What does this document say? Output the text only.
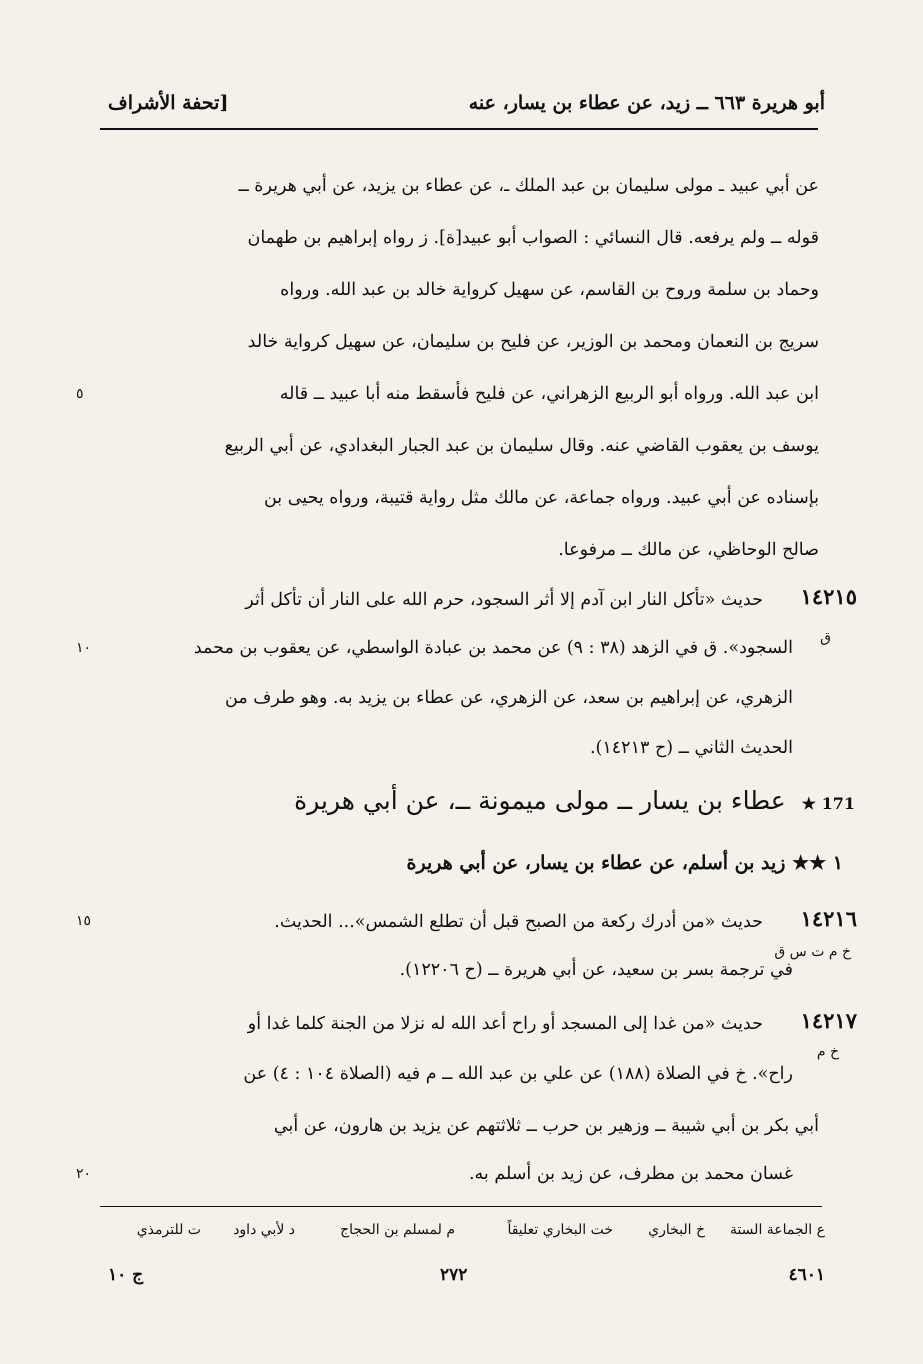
أبو هريرة ٦٦٣ ــ زيد، عن عطاء بن يسار، عنه
[تحفة الأشراف
عن أبي عبيد ـ مولى سليمان بن عبد الملك ـ، عن عطاء بن يزيد، عن أبي هريرة ــ
قوله ــ ولم يرفعه. قال النسائي : الصواب أبو عبيد[ة]. ز رواه إبراهيم بن طهمان
وحماد بن سلمة وروح بن القاسم، عن سهيل كرواية خالد بن عبد الله. ورواه
سريج بن النعمان ومحمد بن الوزير، عن فليح بن سليمان، عن سهيل كرواية خالد
ابن عبد الله. ورواه أبو الربيع الزهراني، عن فليح فأسقط منه أبا عبيد ــ قاله
٥
يوسف بن يعقوب القاضي عنه. وقال سليمان بن عبد الجبار البغدادي، عن أبي الربيع
بإسناده عن أبي عبيد. ورواه جماعة، عن مالك مثل رواية قتيبة، ورواه يحيى بن
صالح الوحاظي، عن مالك ــ مرفوعا.
١٤٢١٥
حديث «تأكل النار ابن آدم إلا أثر السجود، حرم الله على النار أن تأكل أثر
ق
السجود». ق في الزهد (٣٨ : ٩) عن محمد بن عبادة الواسطي، عن يعقوب بن محمد
١٠
الزهري، عن إبراهيم بن سعد، عن الزهري، عن عطاء بن يزيد به. وهو طرف من
الحديث الثاني ــ (ح ١٤٢١٣).
171 ★ عطاء بن يسار ــ مولى ميمونة ــ، عن أبي هريرة
١ ★★ زيد بن أسلم، عن عطاء بن يسار، عن أبي هريرة
١٤٢١٦
حديث «من أدرك ركعة من الصبح قبل أن تطلع الشمس»... الحديث.
١٥
خ م ت س ق
في ترجمة بسر بن سعيد، عن أبي هريرة ــ (ح ١٢٢٠٦).
١٤٢١٧
حديث «من غدا إلى المسجد أو راح أعد الله له نزلا من الجنة كلما غدا أو
خ م
راح». خ في الصلاة (١٨٨) عن علي بن عبد الله ــ م فيه (الصلاة ١٠٤ : ٤) عن
أبي بكر بن أبي شيبة ــ وزهير بن حرب ــ ثلاثتهم عن يزيد بن هارون، عن أبي
غسان محمد بن مطرف، عن زيد بن أسلم به.
٢٠
ع الجماعة الستة
خ البخاري
خت البخاري تعليقاً
م لمسلم بن الحجاج
د لأبي داود
ت للترمذي
ج ١٠	٢٧٢	٤٦٠١
